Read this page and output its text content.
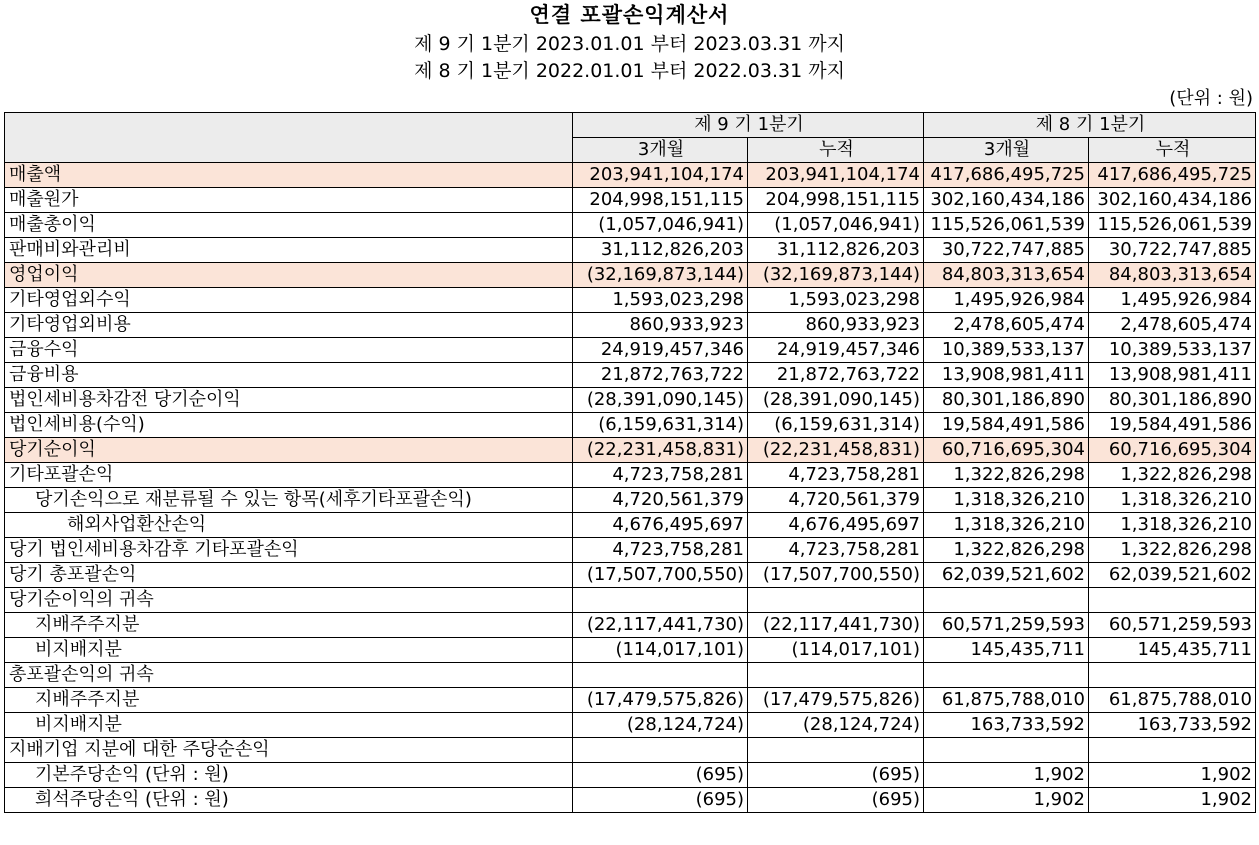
연결 포괄손익계산서
제 9 기 1분기 2023.01.01 부터 2023.03.31 까지
제 8 기 1분기 2022.01.01 부터 2022.03.31 까지
(단위 : 원)
	제 9 기 1분기		제 8 기 1분기	
	3개월	누적	3개월	누적
매출액	203,941,104,174	203,941,104,174	417,686,495,725	417,686,495,725
매출원가	204,998,151,115	204,998,151,115	302,160,434,186	302,160,434,186
매출총이익	(1,057,046,941)	(1,057,046,941)	115,526,061,539	115,526,061,539
판매비와관리비	31,112,826,203	31,112,826,203	30,722,747,885	30,722,747,885
영업이익	(32,169,873,144)	(32,169,873,144)	84,803,313,654	84,803,313,654
기타영업외수익	1,593,023,298	1,593,023,298	1,495,926,984	1,495,926,984
기타영업외비용	860,933,923	860,933,923	2,478,605,474	2,478,605,474
금융수익	24,919,457,346	24,919,457,346	10,389,533,137	10,389,533,137
금융비용	21,872,763,722	21,872,763,722	13,908,981,411	13,908,981,411
법인세비용차감전 당기순이익	(28,391,090,145)	(28,391,090,145)	80,301,186,890	80,301,186,890
법인세비용(수익)	(6,159,631,314)	(6,159,631,314)	19,584,491,586	19,584,491,586
당기순이익	(22,231,458,831)	(22,231,458,831)	60,716,695,304	60,716,695,304
기타포괄손익	4,723,758,281	4,723,758,281	1,322,826,298	1,322,826,298
당기손익으로 재분류될 수 있는 항목(세후기타포괄손익)	4,720,561,379	4,720,561,379	1,318,326,210	1,318,326,210
해외사업환산손익	4,676,495,697	4,676,495,697	1,318,326,210	1,318,326,210
당기 법인세비용차감후 기타포괄손익	4,723,758,281	4,723,758,281	1,322,826,298	1,322,826,298
당기 총포괄손익	(17,507,700,550)	(17,507,700,550)	62,039,521,602	62,039,521,602
당기순이익의 귀속				
지배주주지분	(22,117,441,730)	(22,117,441,730)	60,571,259,593	60,571,259,593
비지배지분	(114,017,101)	(114,017,101)	145,435,711	145,435,711
총포괄손익의 귀속				
지배주주지분	(17,479,575,826)	(17,479,575,826)	61,875,788,010	61,875,788,010
비지배지분	(28,124,724)	(28,124,724)	163,733,592	163,733,592
지배기업 지분에 대한 주당순손익				
기본주당손익 (단위 : 원)	(695)	(695)	1,902	1,902
희석주당손익 (단위 : 원)	(695)	(695)	1,902	1,902
